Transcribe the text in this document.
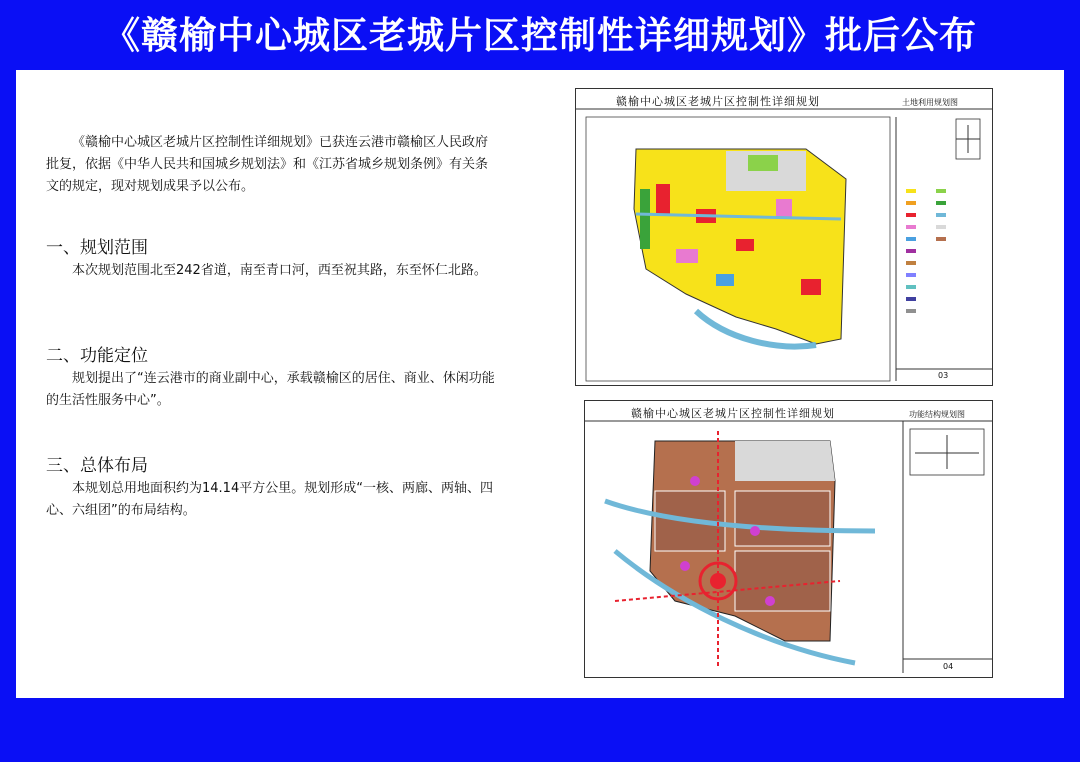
《赣榆中心城区老城片区控制性详细规划》批后公布

《赣榆中心城区老城片区控制性详细规划》已获连云港市赣榆区人民政府批复，依据《中华人民共和国城乡规划法》和《江苏省城乡规划条例》有关条文的规定，现对规划成果予以公布。

一、规划范围

本次规划范围北至242省道，南至青口河，西至祝其路，东至怀仁北路。

二、功能定位

规划提出了“连云港市的商业副中心，承载赣榆区的居住、商业、休闲功能的生活性服务中心”。

三、总体布局

本规划总用地面积约为14.14平方公里。规划形成“一核、两廊、两轴、四心、六组团”的布局结构。

赣榆中心城区老城片区控制性详细规划	土地利用规划图
03
赣榆中心城区老城片区控制性详细规划	功能结构规划图
04
